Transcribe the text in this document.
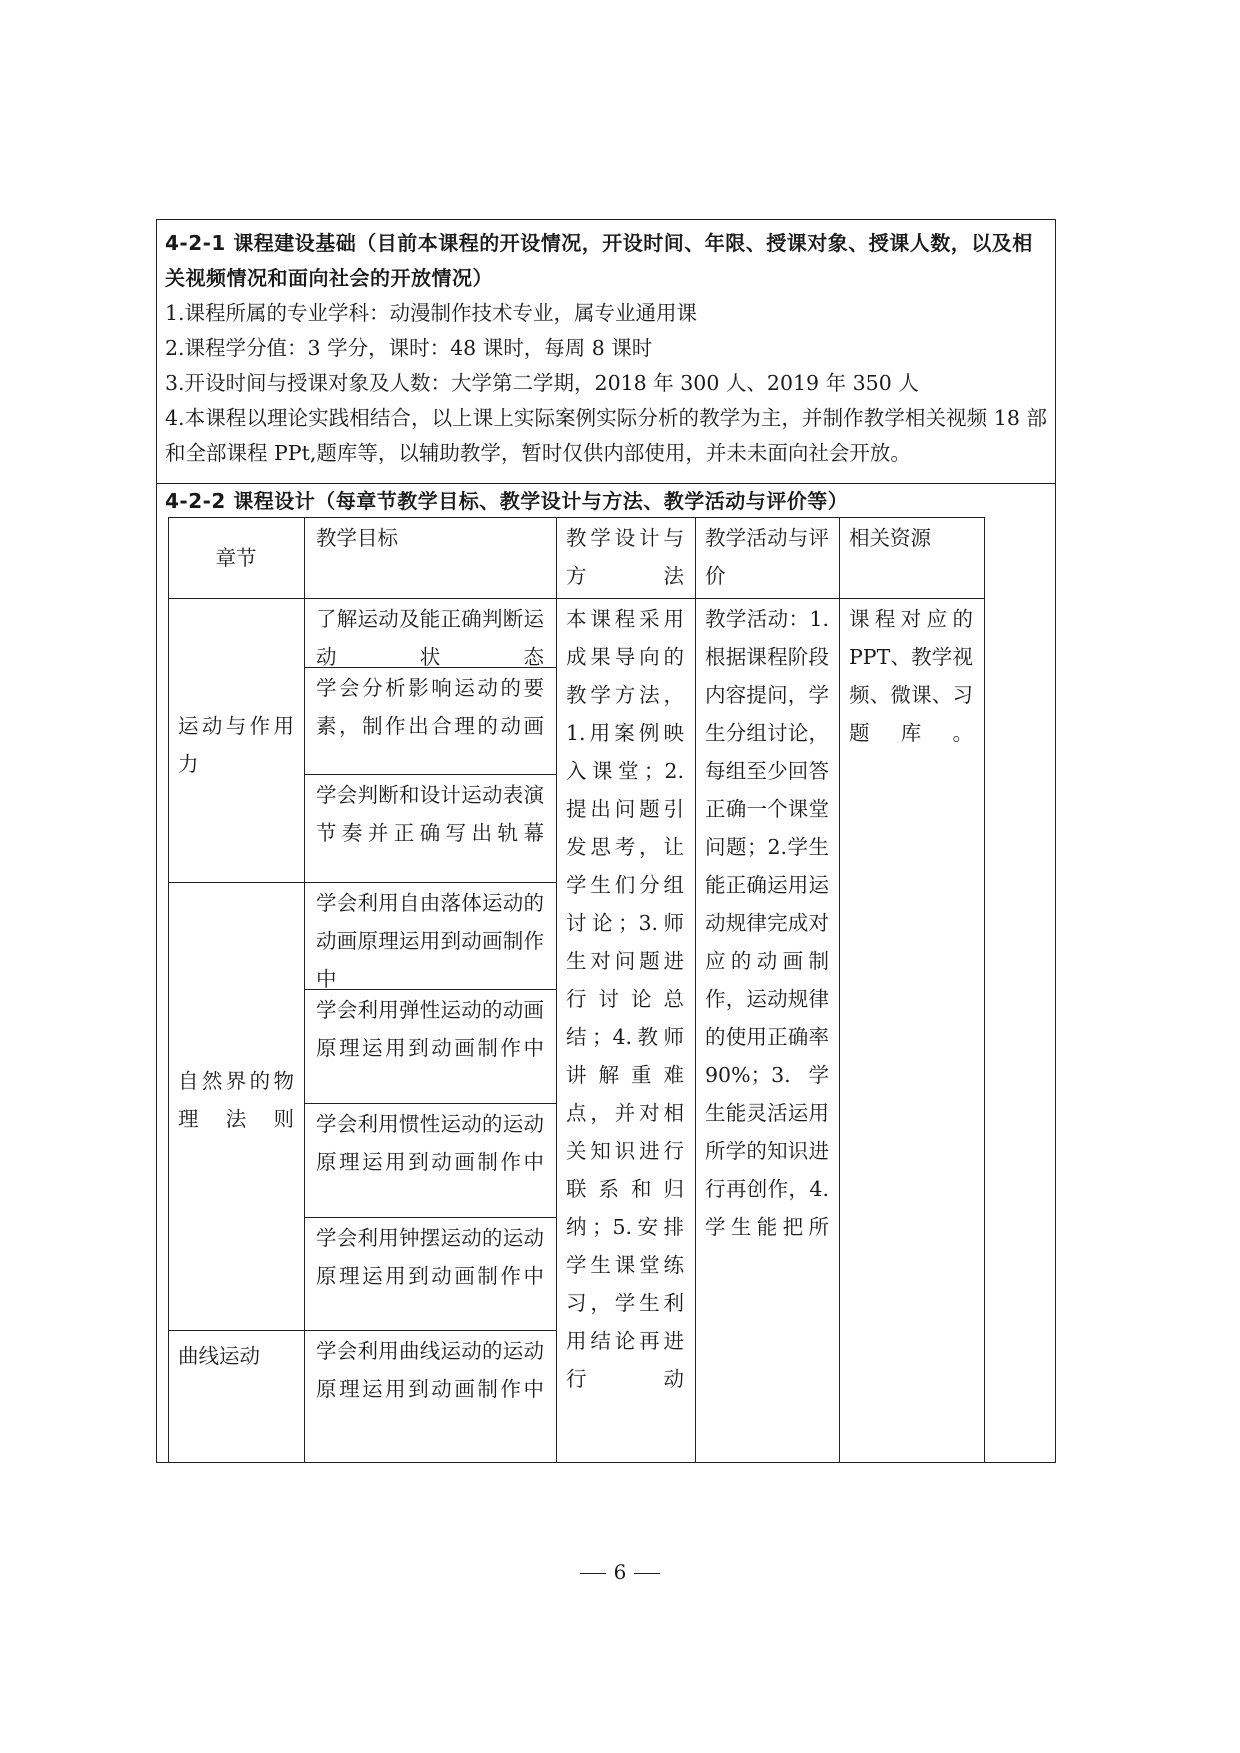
4-2-1 课程建设基础（目前本课程的开设情况，开设时间、年限、授课对象、授课人数，以及相关视频情况和面向社会的开放情况）

1.课程所属的专业学科：动漫制作技术专业，属专业通用课

2.课程学分值：3 学分，课时：48 课时，每周 8 课时

3.开设时间与授课对象及人数：大学第二学期，2018 年 300 人、2019 年 350 人

4.本课程以理论实践相结合，以上课上实际案例实际分析的教学为主，并制作教学相关视频 18 部和全部课程 PPt,题库等，以辅助教学，暂时仅供内部使用，并未未面向社会开放。

4-2-2 课程设计（每章节教学目标、教学设计与方法、教学活动与评价等）

章节
教学目标	教学设计与方法
教学活动与评价
相关资源
运动与作用力
自然界的物理法则
曲线运动
了解运动及能正确判断运动状态
学会分析影响运动的要素，制作出合理的动画
学会判断和设计运动表演节奏并正确写出轨幕
学会利用自由落体运动的动画原理运用到动画制作中
学会利用弹性运动的动画原理运用到动画制作中
学会利用惯性运动的运动原理运用到动画制作中
学会利用钟摆运动的运动原理运用到动画制作中
学会利用曲线运动的运动原理运用到动画制作中
本课程采用成果导向的教学方法，1.用案例映入课堂；2.提出问题引发思考，让学生们分组讨论；3.师生对问题进行讨论总结；4.教师讲解重难点，并对相关知识进行联系和归纳；5.安排学生课堂练习，学生利用结论再进行动
教学活动：1.根据课程阶段内容提问，学生分组讨论，每组至少回答正确一个课堂问题；2.学生能正确运用运动规律完成对应的动画制作，运动规律的使用正确率 90%；3.学生能灵活运用所学的知识进行再创作，4.学生能把所
课程对应的 PPT、教学视频、微课、习题库。
6
